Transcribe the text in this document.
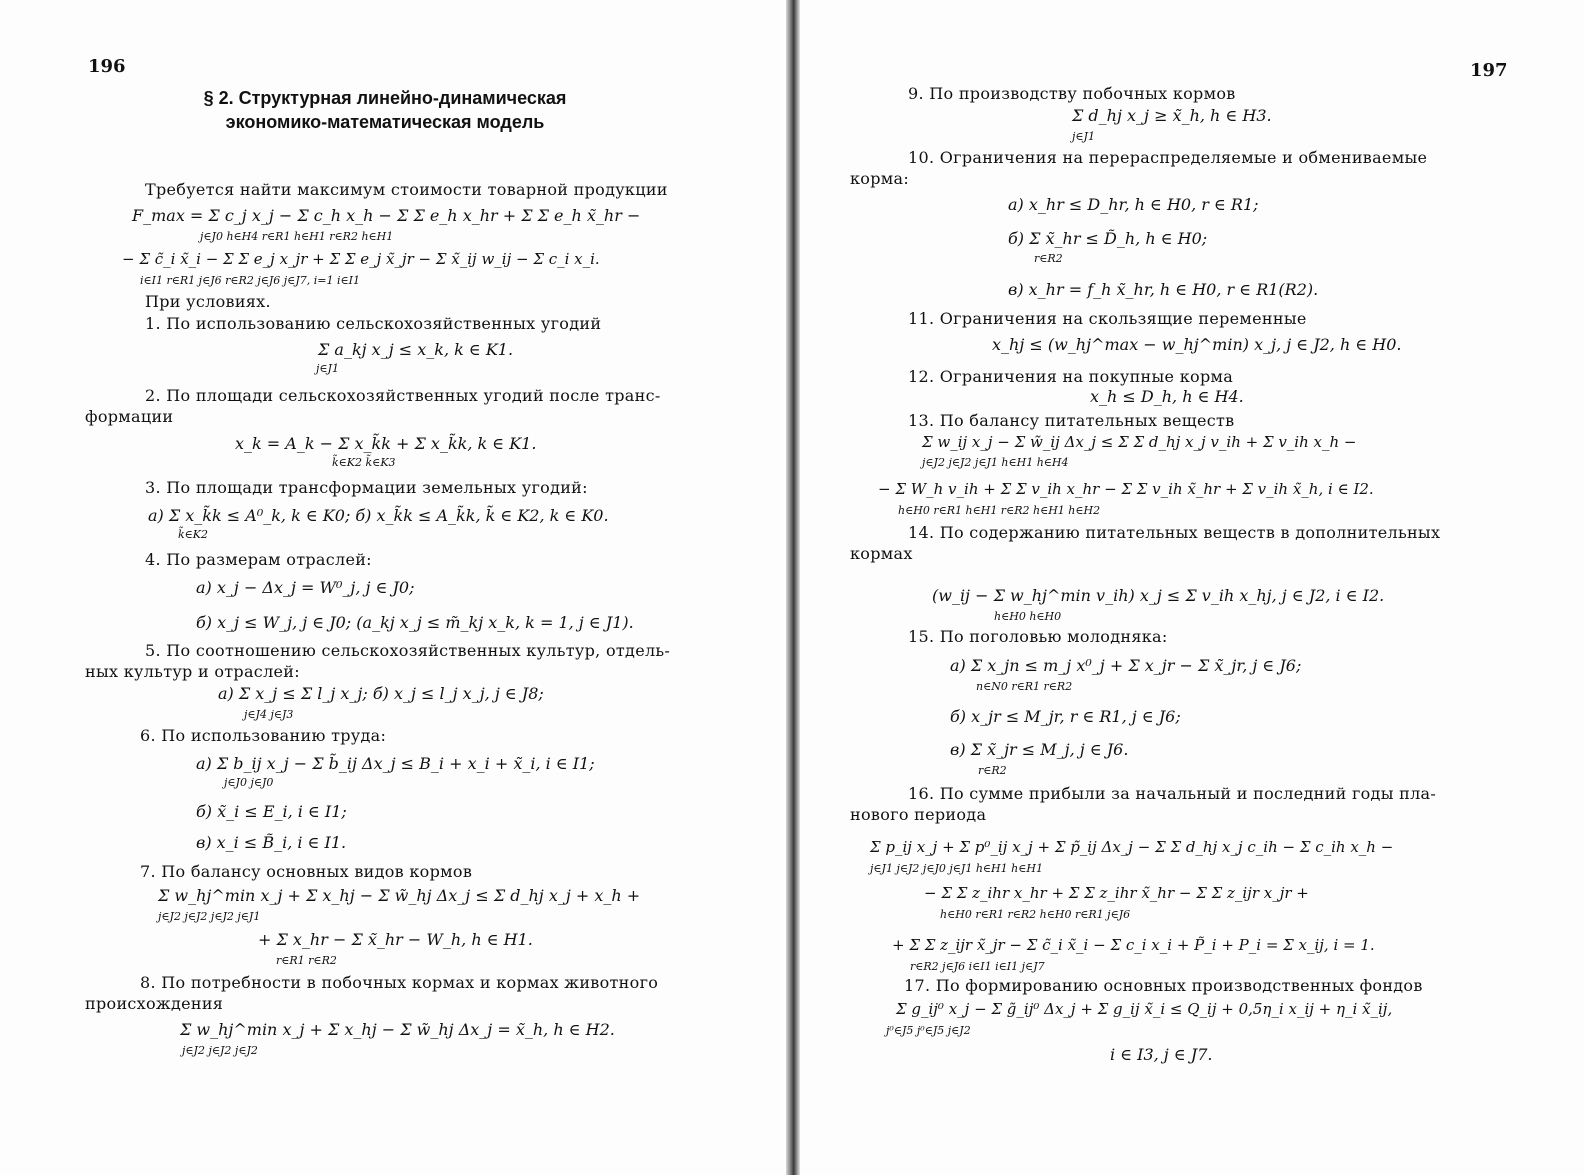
196
§ 2. Структурная линейно-динамическая
экономико-математическая модель
Требуется найти максимум стоимости товарной продукции
F_max = Σ c_j x_j − Σ c_h x_h − Σ Σ e_h x_hr + Σ Σ e_h x̃_hr −
j∈J0 h∈H4 r∈R1 h∈H1 r∈R2 h∈H1
− Σ c̃_i x̃_i − Σ Σ e_j x_jr + Σ Σ e_j x̃_jr − Σ x̃_ij w_ij − Σ c_i x_i.
i∈I1 r∈R1 j∈J6 r∈R2 j∈J6 j∈J7, i=1 i∈I1
При условиях.
1. По использованию сельскохозяйственных угодий
Σ a_kj x_j ≤ x_k, k ∈ K1.
j∈J1
2. По площади сельскохозяйственных угодий после транс-
формации
x_k = A_k − Σ x_k̃k + Σ x_k̃k, k ∈ K1.
k̃∈K2 k̃∈K3
3. По площади трансформации земельных угодий:
а) Σ x_k̃k ≤ A⁰_k, k ∈ K0; б) x_k̃k ≤ A_k̃k, k̃ ∈ K2, k ∈ K0.
k̃∈K2
4. По размерам отраслей:
а) x_j − Δx_j = W⁰_j, j ∈ J0;
б) x_j ≤ W_j, j ∈ J0; (a_kj x_j ≤ m̃_kj x_k, k = 1, j ∈ J1).
5. По соотношению сельскохозяйственных культур, отдель-
ных культур и отраслей:
а) Σ x_j ≤ Σ l_j x_j; б) x_j ≤ l_j x_j, j ∈ J8;
j∈J4 j∈J3
6. По использованию труда:
а) Σ b_ij x_j − Σ b̃_ij Δx_j ≤ B_i + x_i + x̃_i, i ∈ I1;
j∈J0 j∈J0
б) x̃_i ≤ E_i, i ∈ I1;
в) x_i ≤ B̃_i, i ∈ I1.
7. По балансу основных видов кормов
Σ w_hj^min x_j + Σ x_hj − Σ w̃_hj Δx_j ≤ Σ d_hj x_j + x_h +
j∈J2 j∈J2 j∈J2 j∈J1
+ Σ x_hr − Σ x̃_hr − W_h, h ∈ H1.
r∈R1 r∈R2
8. По потребности в побочных кормах и кормах животного
происхождения
Σ w_hj^min x_j + Σ x_hj − Σ w̃_hj Δx_j = x̃_h, h ∈ H2.
j∈J2 j∈J2 j∈J2
197
9. По производству побочных кормов
Σ d_hj x_j ≥ x̃_h, h ∈ H3.
j∈J1
10. Ограничения на перераспределяемые и обмениваемые
корма:
а) x_hr ≤ D_hr, h ∈ H0, r ∈ R1;
б) Σ x̃_hr ≤ D̃_h, h ∈ H0;
r∈R2
в) x_hr = f_h x̃_hr, h ∈ H0, r ∈ R1(R2).
11. Ограничения на скользящие переменные
x_hj ≤ (w_hj^max − w_hj^min) x_j, j ∈ J2, h ∈ H0.
12. Ограничения на покупные корма
x_h ≤ D_h, h ∈ H4.
13. По балансу питательных веществ
Σ w_ij x_j − Σ w̃_ij Δx_j ≤ Σ Σ d_hj x_j v_ih + Σ v_ih x_h −
j∈J2 j∈J2 j∈J1 h∈H1 h∈H4
− Σ W_h v_ih + Σ Σ v_ih x_hr − Σ Σ v_ih x̃_hr + Σ v_ih x̃_h, i ∈ I2.
h∈H0 r∈R1 h∈H1 r∈R2 h∈H1 h∈H2
14. По содержанию питательных веществ в дополнительных
кормах
(w_ij − Σ w_hj^min v_ih) x_j ≤ Σ v_ih x_hj, j ∈ J2, i ∈ I2.
h∈H0 h∈H0
15. По поголовью молодняка:
а) Σ x_jn ≤ m_j x⁰_j + Σ x_jr − Σ x̃_jr, j ∈ J6;
n∈N0 r∈R1 r∈R2
б) x_jr ≤ M_jr, r ∈ R1, j ∈ J6;
в) Σ x̃_jr ≤ M_j, j ∈ J6.
r∈R2
16. По сумме прибыли за начальный и последний годы пла-
нового периода
Σ p_ij x_j + Σ p⁰_ij x_j + Σ p̃_ij Δx_j − Σ Σ d_hj x_j c_ih − Σ c_ih x_h −
j∈J1 j∈J2 j∈J0 j∈J1 h∈H1 h∈H1
− Σ Σ z_ihr x_hr + Σ Σ z_ihr x̃_hr − Σ Σ z_ijr x_jr +
h∈H0 r∈R1 r∈R2 h∈H0 r∈R1 j∈J6
+ Σ Σ z_ijr x̃_jr − Σ c̃_i x̃_i − Σ c_i x_i + P̃_i + P_i = Σ x_ij, i = 1.
r∈R2 j∈J6 i∈I1 i∈I1 j∈J7
17. По формированию основных производственных фондов
Σ g_ij⁰ x_j − Σ g̃_ij⁰ Δx_j + Σ g_ij x̃_i ≤ Q_ij + 0,5η_i x_ij + η_i x̃_ij,
j⁰∈J5 j⁰∈J5 j∈J2
i ∈ I3, j ∈ J7.
